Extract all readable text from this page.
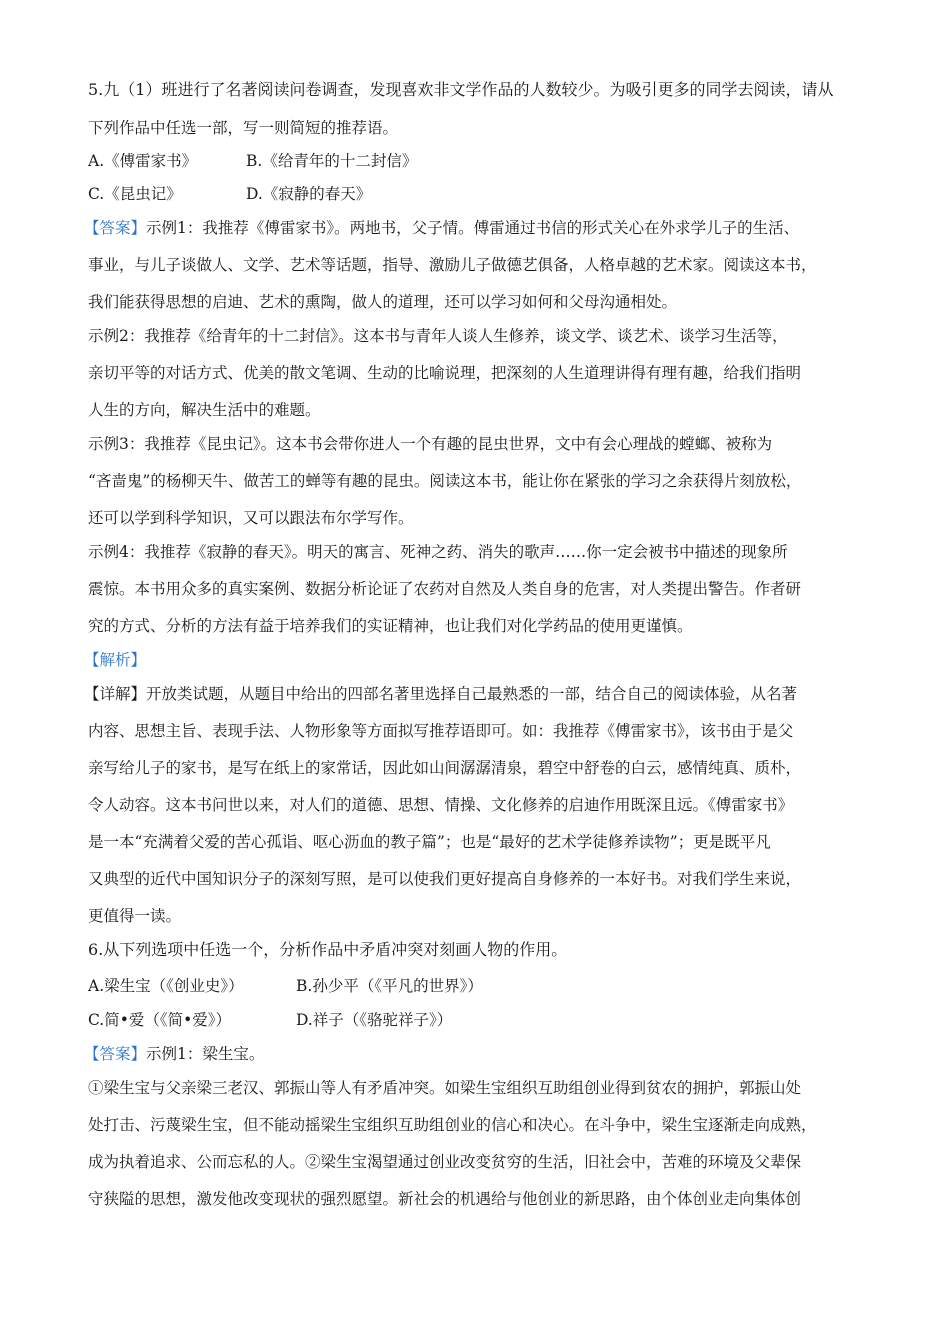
5.九（1）班进行了名著阅读问卷调查，发现喜欢非文学作品的人数较少。为吸引更多的同学去阅读，请从
下列作品中任选一部，写一则简短的推荐语。
A.《傅雷家书》	B.《给青年的十二封信》
C.《昆虫记》	D.《寂静的春天》
【答案】示例1：我推荐《傅雷家书》。两地书，父子情。傅雷通过书信的形式关心在外求学儿子的生活、
事业，与儿子谈做人、文学、艺术等话题，指导、激励儿子做德艺俱备，人格卓越的艺术家。阅读这本书，
我们能获得思想的启迪、艺术的熏陶，做人的道理，还可以学习如何和父母沟通相处。
示例2：我推荐《给青年的十二封信》。这本书与青年人谈人生修养，谈文学、谈艺术、谈学习生活等，
亲切平等的对话方式、优美的散文笔调、生动的比喻说理，把深刻的人生道理讲得有理有趣，给我们指明
人生的方向，解决生活中的难题。
示例3：我推荐《昆虫记》。这本书会带你进人一个有趣的昆虫世界，文中有会心理战的螳螂、被称为
“吝啬鬼”的杨柳天牛、做苦工的蝉等有趣的昆虫。阅读这本书，能让你在紧张的学习之余获得片刻放松，
还可以学到科学知识，又可以跟法布尔学写作。
示例4：我推荐《寂静的春天》。明天的寓言、死神之药、消失的歌声……你一定会被书中描述的现象所
震惊。本书用众多的真实案例、数据分析论证了农药对自然及人类自身的危害，对人类提出警告。作者研
究的方式、分析的方法有益于培养我们的实证精神，也让我们对化学药品的使用更谨慎。
【解析】
【详解】开放类试题，从题目中给出的四部名著里选择自己最熟悉的一部，结合自己的阅读体验，从名著
内容、思想主旨、表现手法、人物形象等方面拟写推荐语即可。如：我推荐《傅雷家书》，该书由于是父
亲写给儿子的家书，是写在纸上的家常话，因此如山间潺潺清泉，碧空中舒卷的白云，感情纯真、质朴，
令人动容。这本书问世以来，对人们的道德、思想、情操、文化修养的启迪作用既深且远。《傅雷家书》
是一本“充满着父爱的苦心孤诣、呕心沥血的教子篇”；也是“最好的艺术学徒修养读物”；更是既平凡
又典型的近代中国知识分子的深刻写照，是可以使我们更好提高自身修养的一本好书。对我们学生来说，
更值得一读。
6.从下列选项中任选一个，分析作品中矛盾冲突对刻画人物的作用。
A.梁生宝（《创业史》）	B.孙少平（《平凡的世界》）
C.简•爱（《简•爱》）	D.祥子（《骆驼祥子》）
【答案】示例1：梁生宝。
①梁生宝与父亲梁三老汉、郭振山等人有矛盾冲突。如梁生宝组织互助组创业得到贫农的拥护，郭振山处
处打击、污蔑梁生宝，但不能动摇梁生宝组织互助组创业的信心和决心。在斗争中，梁生宝逐渐走向成熟，
成为执着追求、公而忘私的人。②梁生宝渴望通过创业改变贫穷的生活，旧社会中，苦难的环境及父辈保
守狭隘的思想，激发他改变现状的强烈愿望。新社会的机遇给与他创业的新思路，由个体创业走向集体创
